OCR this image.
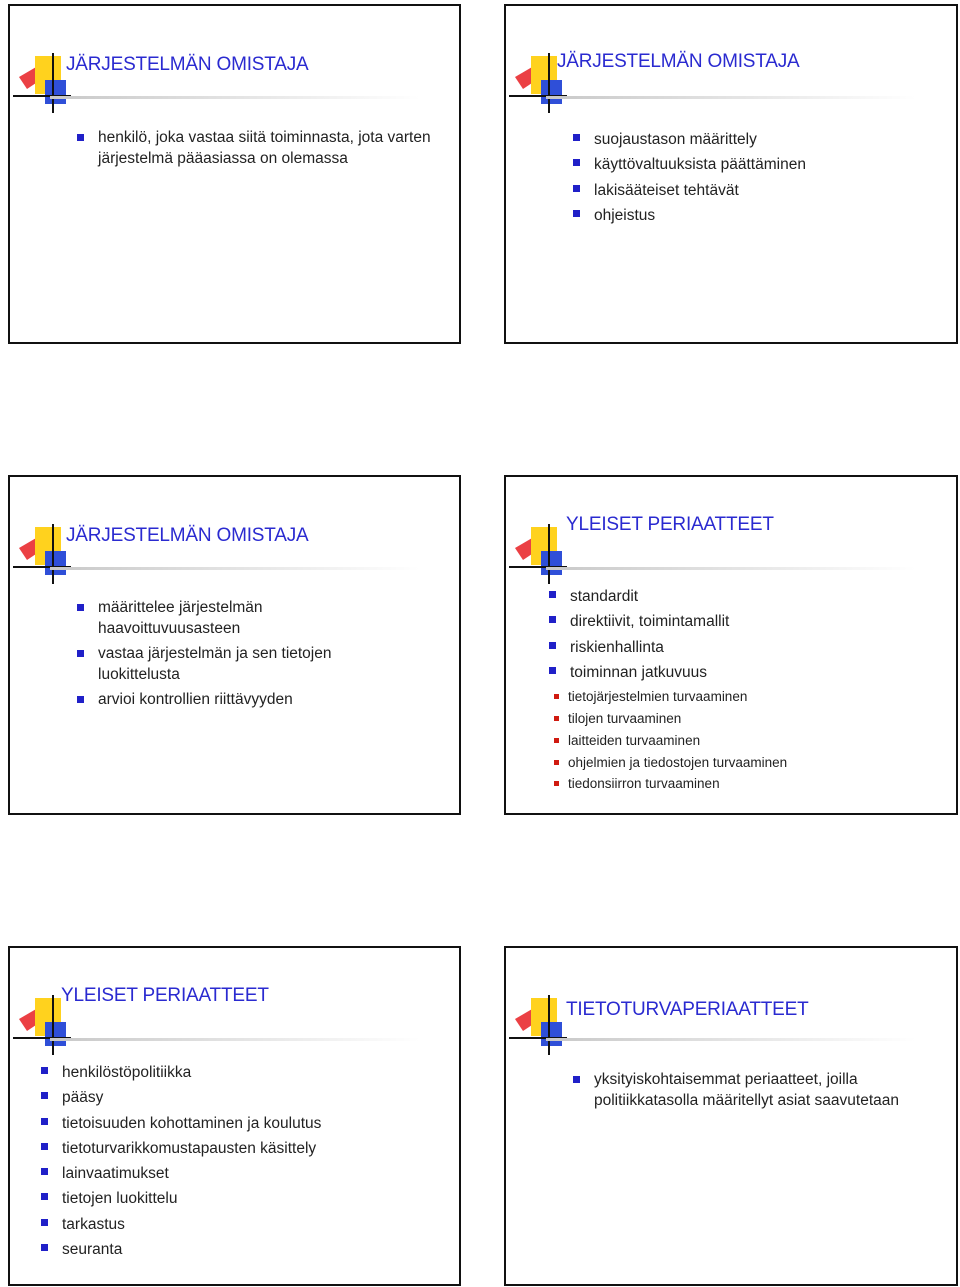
JÄRJESTELMÄN OMISTAJA
henkilö, joka vastaa siitä toiminnasta, jota varten järjestelmä pääasiassa on olemassa
JÄRJESTELMÄN OMISTAJA
suojaustason määrittely
käyttövaltuuksista päättäminen
lakisääteiset tehtävät
ohjeistus
JÄRJESTELMÄN OMISTAJA
määrittelee järjestelmän haavoittuvuusasteen
vastaa järjestelmän ja sen tietojen luokittelusta
arvioi kontrollien riittävyyden
YLEISET PERIAATTEET
standardit
direktiivit, toimintamallit
riskienhallinta
toiminnan jatkuvuus
tietojärjestelmien turvaaminen
tilojen turvaaminen
laitteiden turvaaminen
ohjelmien ja tiedostojen turvaaminen
tiedonsiirron turvaaminen
YLEISET PERIAATTEET
henkilöstöpolitiikka
pääsy
tietoisuuden kohottaminen ja koulutus
tietoturvarikkomustapausten käsittely
lainvaatimukset
tietojen luokittelu
tarkastus
seuranta
TIETOTURVAPERIAATTEET
yksityiskohtaisemmat periaatteet, joilla politiikkatasolla määritellyt asiat saavutetaan
